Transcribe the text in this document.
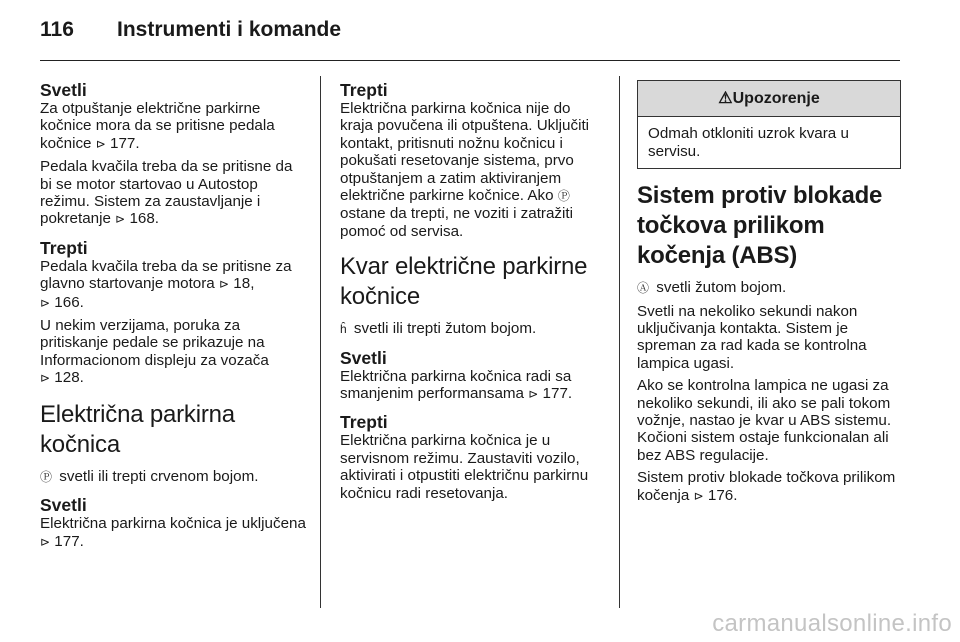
116 Instrumenti i komande
Svetli
Za otpuštanje električne parkirne kočnice mora da se pritisne pedala kočnice ⊳ 177.
Pedala kvačila treba da se pritisne da bi se motor startovao u Autostop režimu. Sistem za zaustavljanje i pokretanje ⊳ 168.
Trepti
Pedala kvačila treba da se pritisne za glavno startovanje motora ⊳ 18,
⊳ 166.
U nekim verzijama, poruka za pritiskanje pedale se prikazuje na Informacionom displeju za vozača
⊳ 128.
Električna parkirna kočnica
Ⓟ svetli ili trepti crvenom bojom.
Svetli
Električna parkirna kočnica je uključena ⊳ 177.
Trepti
Električna parkirna kočnica nije do kraja povučena ili otpuštena. Uključiti kontakt, pritisnuti nožnu kočnicu i pokušati resetovanje sistema, prvo otpuštanjem a zatim aktiviranjem električne parkirne kočnice. Ako Ⓟ ostane da trepti, ne voziti i zatražiti pomoć od servisa.
Kvar električne parkirne kočnice
ĥ svetli ili trepti žutom bojom.
Svetli
Električna parkirna kočnica radi sa smanjenim performansama ⊳ 177.
Trepti
Električna parkirna kočnica je u servisnom režimu. Zaustaviti vozilo, aktivirati i otpustiti električnu parkirnu kočnicu radi resetovanja.
⚠Upozorenje
Odmah otkloniti uzrok kvara u servisu.
Sistem protiv blokade točkova prilikom kočenja (ABS)
Ⓐ svetli žutom bojom.
Svetli na nekoliko sekundi nakon uključivanja kontakta. Sistem je spreman za rad kada se kontrolna lampica ugasi.
Ako se kontrolna lampica ne ugasi za nekoliko sekundi, ili ako se pali tokom vožnje, nastao je kvar u ABS sistemu. Kočioni sistem ostaje funkcionalan ali bez ABS regulacije.
Sistem protiv blokade točkova prilikom kočenja ⊳ 176.
carmanualsonline.info
